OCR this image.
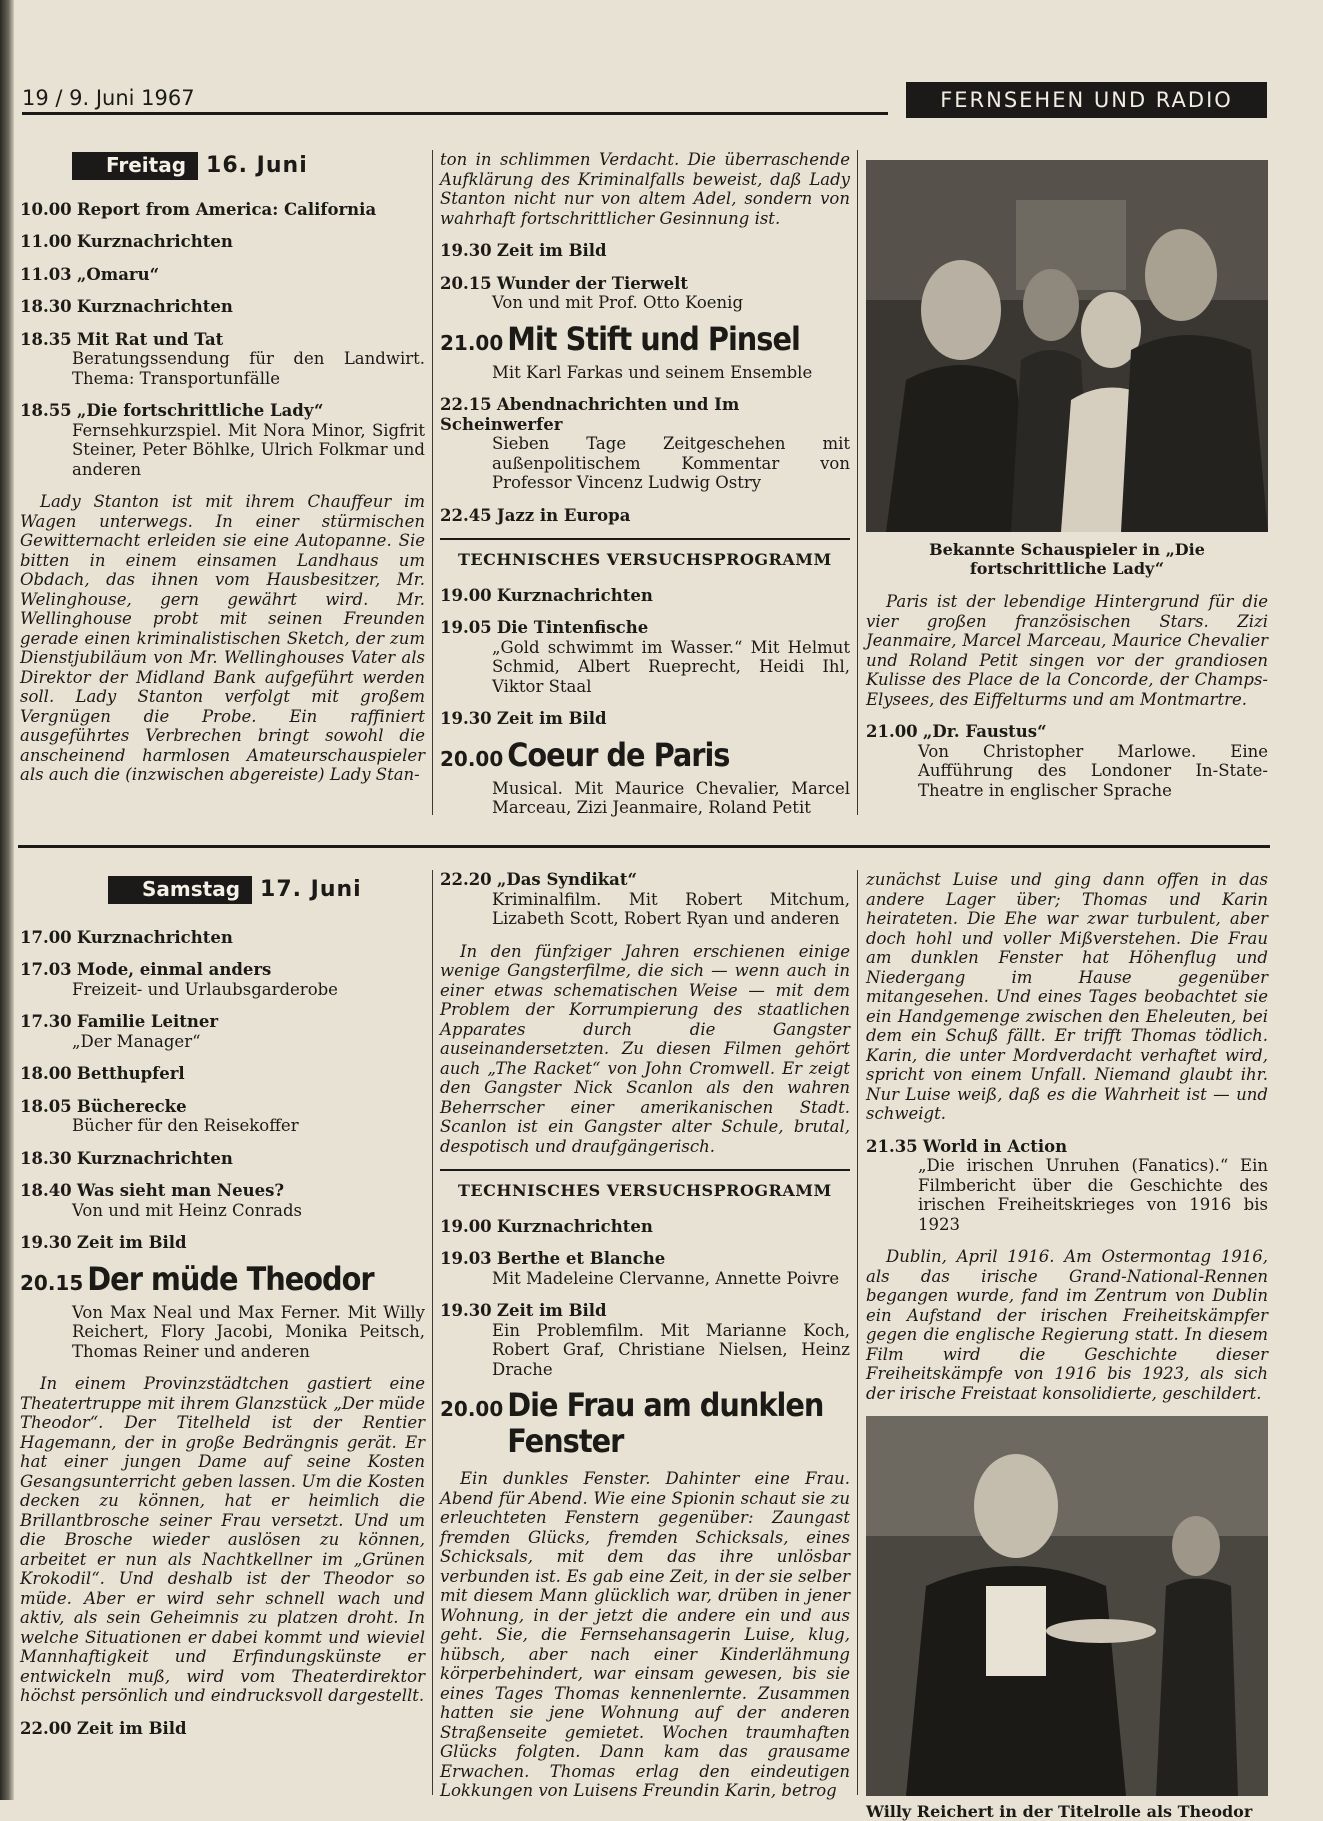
19 / 9. Juni 1967	FERNSEHEN UND RADIO
Freitag 16. Juni
10.00 Report from America: California
11.00 Kurznachrichten
11.03 „Omaru“
18.30 Kurznachrichten
18.35 Mit Rat und Tat
Beratungssendung für den Landwirt. Thema: Transportunfälle
18.55 „Die fortschrittliche Lady“
Fernsehkurzspiel. Mit Nora Minor, Sigfrit Steiner, Peter Böhlke, Ulrich Folkmar und anderen

Lady Stanton ist mit ihrem Chauffeur im Wagen unterwegs. In einer stürmischen Gewitternacht erleiden sie eine Autopanne. Sie bitten in einem einsamen Landhaus um Obdach, das ihnen vom Hausbesitzer, Mr. Welinghouse, gern gewährt wird. Mr. Wellinghouse probt mit seinen Freunden gerade einen kriminalistischen Sketch, der zum Dienstjubiläum von Mr. Wellinghouses Vater als Direktor der Midland Bank aufgeführt werden soll. Lady Stanton verfolgt mit großem Vergnügen die Probe. Ein raffiniert ausgeführtes Verbrechen bringt sowohl die anscheinend harmlosen Amateurschauspieler als auch die (inzwischen abgereiste) Lady Stan-

ton in schlimmen Verdacht. Die überraschende Aufklärung des Kriminalfalls beweist, daß Lady Stanton nicht nur von altem Adel, sondern von wahrhaft fortschrittlicher Gesinnung ist.

19.30 Zeit im Bild
20.15 Wunder der Tierwelt
Von und mit Prof. Otto Koenig
21.00 Mit Stift und Pinsel
Mit Karl Farkas und seinem Ensemble
22.15 Abendnachrichten und Im Scheinwerfer
Sieben Tage Zeitgeschehen mit außenpolitischem Kommentar von Professor Vincenz Ludwig Ostry
22.45 Jazz in Europa
TECHNISCHES VERSUCHSPROGRAMM
19.00 Kurznachrichten
19.05 Die Tintenfische
„Gold schwimmt im Wasser.“ Mit Helmut Schmid, Albert Rueprecht, Heidi Ihl, Viktor Staal
19.30 Zeit im Bild
20.00 Coeur de Paris
Musical. Mit Maurice Chevalier, Marcel Marceau, Zizi Jeanmaire, Roland Petit

Bekannte Schauspieler in „Die fortschrittliche Lady“

Paris ist der lebendige Hintergrund für die vier großen französischen Stars. Zizi Jeanmaire, Marcel Marceau, Maurice Chevalier und Roland Petit singen vor der grandiosen Kulisse des Place de la Concorde, der Champs-Elysees, des Eiffelturms und am Montmartre.

21.00 „Dr. Faustus“
Von Christopher Marlowe. Eine Aufführung des Londoner In-State-Theatre in englischer Sprache
Samstag 17. Juni
17.00 Kurznachrichten
17.03 Mode, einmal anders
Freizeit- und Urlaubsgarderobe
17.30 Familie Leitner
„Der Manager“
18.00 Betthupferl
18.05 Bücherecke
Bücher für den Reisekoffer
18.30 Kurznachrichten
18.40 Was sieht man Neues?
Von und mit Heinz Conrads
19.30 Zeit im Bild
20.15 Der müde Theodor
Von Max Neal und Max Ferner. Mit Willy Reichert, Flory Jacobi, Monika Peitsch, Thomas Reiner und anderen

In einem Provinzstädtchen gastiert eine Theatertruppe mit ihrem Glanzstück „Der müde Theodor“. Der Titelheld ist der Rentier Hagemann, der in große Bedrängnis gerät. Er hat einer jungen Dame auf seine Kosten Gesangsunterricht geben lassen. Um die Kosten decken zu können, hat er heimlich die Brillantbrosche seiner Frau versetzt. Und um die Brosche wieder auslösen zu können, arbeitet er nun als Nachtkellner im „Grünen Krokodil“. Und deshalb ist der Theodor so müde. Aber er wird sehr schnell wach und aktiv, als sein Geheimnis zu platzen droht. In welche Situationen er dabei kommt und wieviel Mannhaftigkeit und Erfindungskünste er entwickeln muß, wird vom Theaterdirektor höchst persönlich und eindrucksvoll dargestellt.

22.00 Zeit im Bild
22.20 „Das Syndikat“
Kriminalfilm. Mit Robert Mitchum, Lizabeth Scott, Robert Ryan und anderen

In den fünfziger Jahren erschienen einige wenige Gangsterfilme, die sich — wenn auch in einer etwas schematischen Weise — mit dem Problem der Korrumpierung des staatlichen Apparates durch die Gangster auseinandersetzten. Zu diesen Filmen gehört auch „The Racket“ von John Cromwell. Er zeigt den Gangster Nick Scanlon als den wahren Beherrscher einer amerikanischen Stadt. Scanlon ist ein Gangster alter Schule, brutal, despotisch und draufgängerisch.

TECHNISCHES VERSUCHSPROGRAMM
19.00 Kurznachrichten
19.03 Berthe et Blanche
Mit Madeleine Clervanne, Annette Poivre
19.30 Zeit im Bild
Ein Problemfilm. Mit Marianne Koch, Robert Graf, Christiane Nielsen, Heinz Drache
20.00 Die Frau am dunklen Fenster

Ein dunkles Fenster. Dahinter eine Frau. Abend für Abend. Wie eine Spionin schaut sie zu erleuchteten Fenstern gegenüber: Zaungast fremden Glücks, fremden Schicksals, eines Schicksals, mit dem das ihre unlösbar verbunden ist. Es gab eine Zeit, in der sie selber mit diesem Mann glücklich war, drüben in jener Wohnung, in der jetzt die andere ein und aus geht. Sie, die Fernsehansagerin Luise, klug, hübsch, aber nach einer Kinderlähmung körperbehindert, war einsam gewesen, bis sie eines Tages Thomas kennenlernte. Zusammen hatten sie jene Wohnung auf der anderen Straßenseite gemietet. Wochen traumhaften Glücks folgten. Dann kam das grausame Erwachen. Thomas erlag den eindeutigen Lokkungen von Luisens Freundin Karin, betrog

zunächst Luise und ging dann offen in das andere Lager über; Thomas und Karin heirateten. Die Ehe war zwar turbulent, aber doch hohl und voller Mißverstehen. Die Frau am dunklen Fenster hat Höhenflug und Niedergang im Hause gegenüber mitangesehen. Und eines Tages beobachtet sie ein Handgemenge zwischen den Eheleuten, bei dem ein Schuß fällt. Er trifft Thomas tödlich. Karin, die unter Mordverdacht verhaftet wird, spricht von einem Unfall. Niemand glaubt ihr. Nur Luise weiß, daß es die Wahrheit ist — und schweigt.

21.35 World in Action
„Die irischen Unruhen (Fanatics).“ Ein Filmbericht über die Geschichte des irischen Freiheitskrieges von 1916 bis 1923

Dublin, April 1916. Am Ostermontag 1916, als das irische Grand-National-Rennen begangen wurde, fand im Zentrum von Dublin ein Aufstand der irischen Freiheitskämpfer gegen die englische Regierung statt. In diesem Film wird die Geschichte dieser Freiheitskämpfe von 1916 bis 1923, als sich der irische Freistaat konsolidierte, geschildert.

Willy Reichert in der Titelrolle als Theodor
